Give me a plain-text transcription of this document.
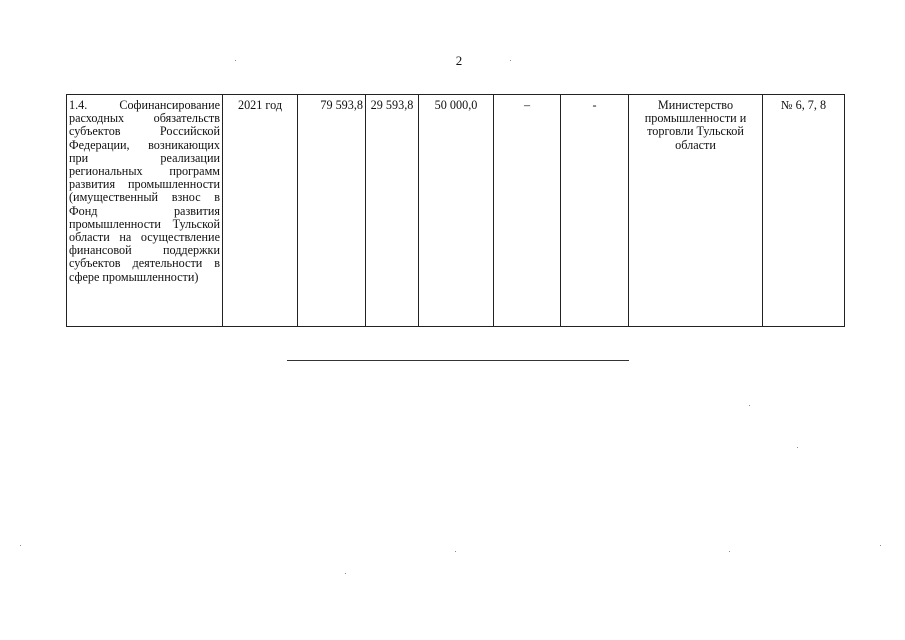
2
1.4. Софинансирование расходных обязательств субъектов Российской Федерации, возникающих при реализации региональных программ развития промышленности (имущественный взнос в Фонд развития промышленности Тульской области на осуществление финансовой поддержки субъектов деятельности в сфере промышленности)	2021 год	79 593,8	29 593,8	50 000,0	–	-	Министерство промышленности и торговли Тульской области	№ 6, 7, 8
